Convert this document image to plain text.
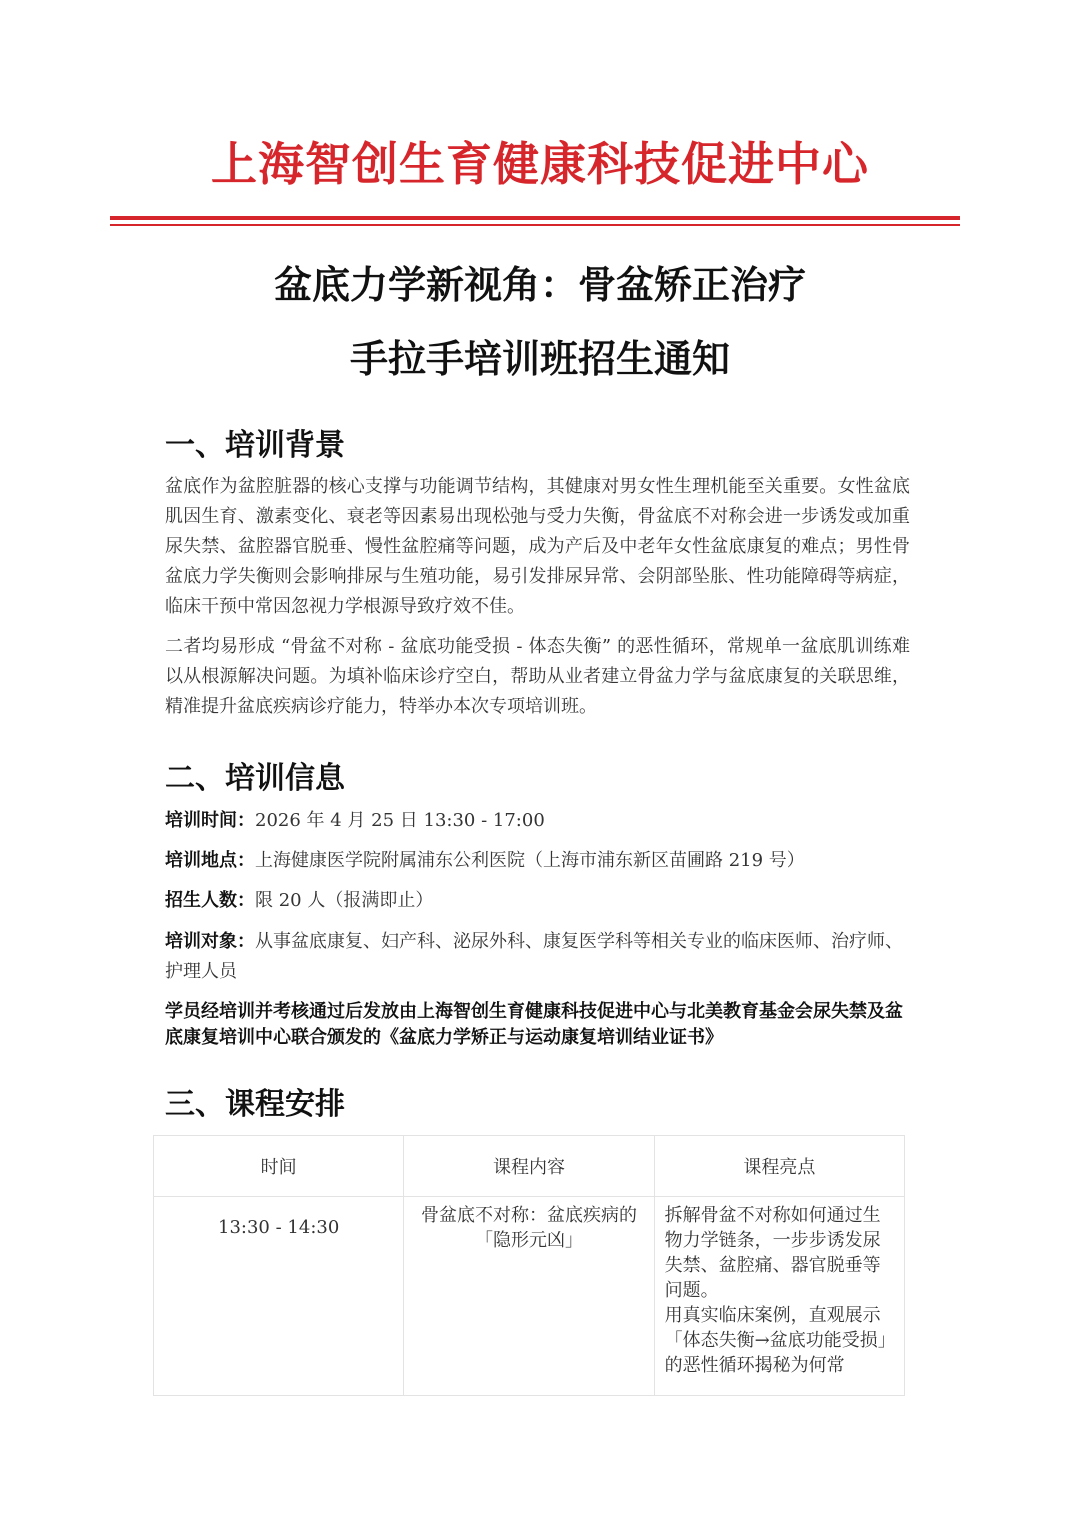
上海智创生育健康科技促进中心
盆底力学新视角：骨盆矫正治疗
手拉手培训班招生通知
一、培训背景
盆底作为盆腔脏器的核心支撑与功能调节结构，其健康对男女性生理机能至关重要。女性盆底肌因生育、激素变化、衰老等因素易出现松弛与受力失衡，骨盆底不对称会进一步诱发或加重尿失禁、盆腔器官脱垂、慢性盆腔痛等问题，成为产后及中老年女性盆底康复的难点；男性骨盆底力学失衡则会影响排尿与生殖功能，易引发排尿异常、会阴部坠胀、性功能障碍等病症，临床干预中常因忽视力学根源导致疗效不佳。
二者均易形成 “骨盆不对称 - 盆底功能受损 - 体态失衡” 的恶性循环，常规单一盆底肌训练难以从根源解决问题。为填补临床诊疗空白，帮助从业者建立骨盆力学与盆底康复的关联思维，精准提升盆底疾病诊疗能力，特举办本次专项培训班。
二、培训信息
培训时间：2026 年 4 月 25 日 13:30 - 17:00
培训地点：上海健康医学院附属浦东公利医院（上海市浦东新区苗圃路 219 号）
招生人数：限 20 人（报满即止）
培训对象：从事盆底康复、妇产科、泌尿外科、康复医学科等相关专业的临床医师、治疗师、护理人员
学员经培训并考核通过后发放由上海智创生育健康科技促进中心与北美教育基金会尿失禁及盆底康复培训中心联合颁发的《盆底力学矫正与运动康复培训结业证书》
三、课程安排
时间	课程内容	课程亮点
13:30 - 14:30	骨盆底不对称：盆底疾病的「隐形元凶」	拆解骨盆不对称如何通过生物力学链条，一步步诱发尿失禁、盆腔痛、器官脱垂等问题。

用真实临床案例，直观展示「体态失衡→盆底功能受损」的恶性循环揭秘为何常
